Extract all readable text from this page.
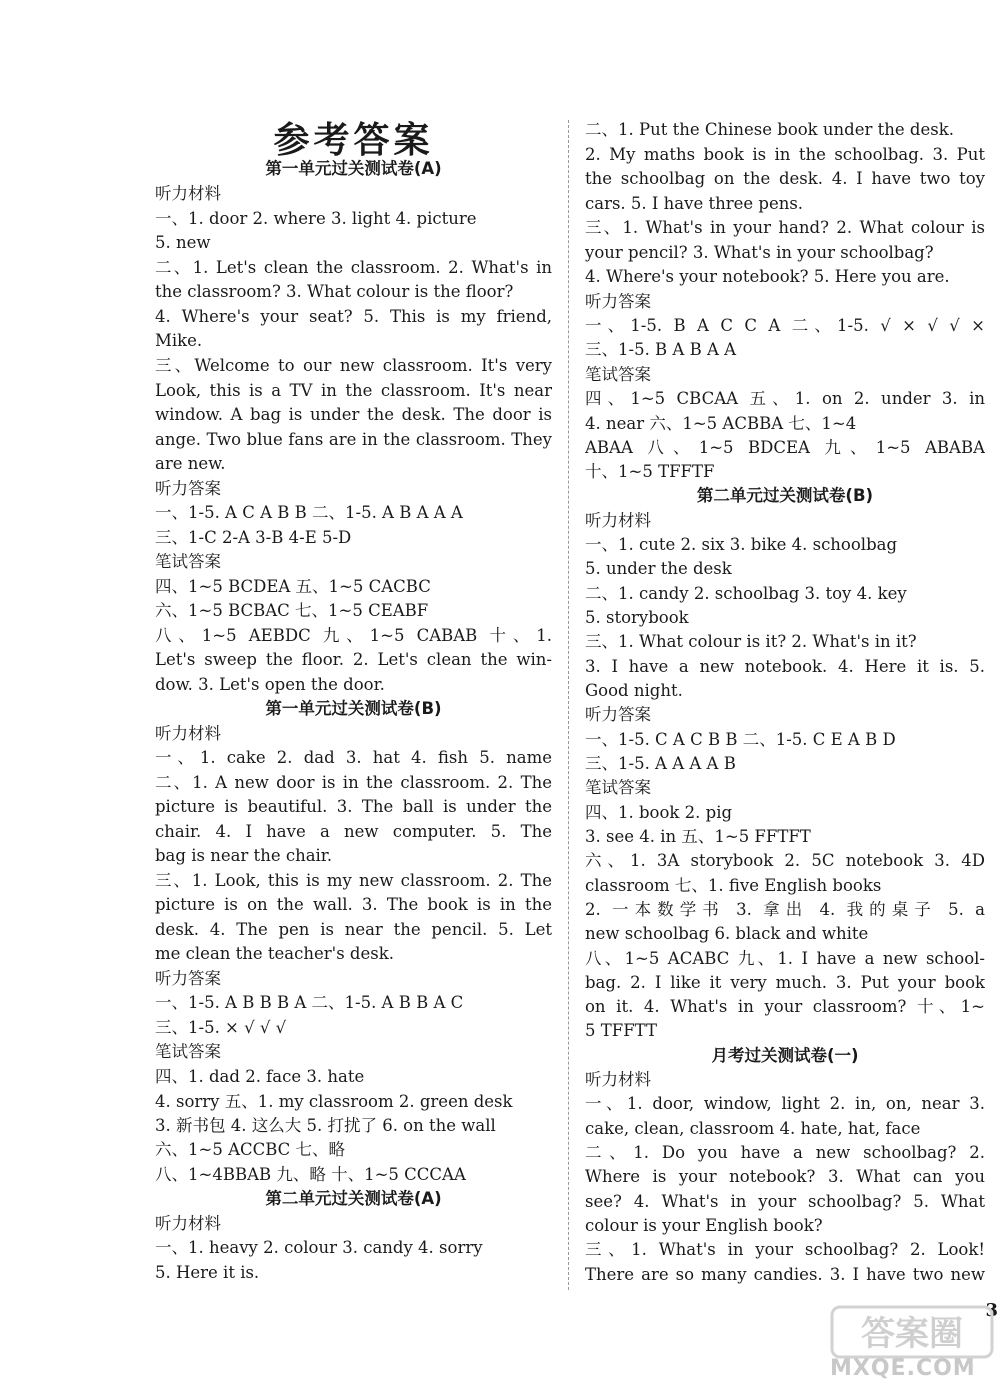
参考答案
第一单元过关测试卷(A)
听力材料
一、1. door 2. where 3. light 4. picture
5. new
二、1. Let's clean the classroom. 2. What's in
the classroom? 3. What colour is the floor?
4. Where's your seat? 5. This is my friend,
Mike.
三、Welcome to our new classroom. It's very
Look, this is a TV in the classroom. It's near
window. A bag is under the desk. The door is
ange. Two blue fans are in the classroom. They
are new.
听力答案
一、1-5. A C A B B 二、1-5. A B A A A
三、1-C 2-A 3-B 4-E 5-D
笔试答案
四、1~5 BCDEA 五、1~5 CACBC
六、1~5 BCBAC 七、1~5 CEABF
八、1~5 AEBDC 九、1~5 CABAB 十、1.
Let's sweep the floor. 2. Let's clean the win-
dow. 3. Let's open the door.
第一单元过关测试卷(B)
听力材料
一、1. cake 2. dad 3. hat 4. fish 5. name
二、1. A new door is in the classroom. 2. The
picture is beautiful. 3. The ball is under the
chair. 4. I have a new computer. 5. The
bag is near the chair.
三、1. Look, this is my new classroom. 2. The
picture is on the wall. 3. The book is in the
desk. 4. The pen is near the pencil. 5. Let
me clean the teacher's desk.
听力答案
一、1-5. A B B B A 二、1-5. A B B A C
三、1-5. × √ √ √
笔试答案
四、1. dad 2. face 3. hate
4. sorry 五、1. my classroom 2. green desk
3. 新书包 4. 这么大 5. 打扰了 6. on the wall
六、1~5 ACCBC 七、略
八、1~4BBAB 九、略 十、1~5 CCCAA
第二单元过关测试卷(A)
听力材料
一、1. heavy 2. colour 3. candy 4. sorry
5. Here it is.
二、1. Put the Chinese book under the desk.
2. My maths book is in the schoolbag. 3. Put
the schoolbag on the desk. 4. I have two toy
cars. 5. I have three pens.
三、1. What's in your hand? 2. What colour is
your pencil? 3. What's in your schoolbag?
4. Where's your notebook? 5. Here you are.
听力答案
一、1-5. B A C C A 二、1-5. √ × √ √ ×
三、1-5. B A B A A
笔试答案
四、1~5 CBCAA 五、1. on 2. under 3. in
4. near 六、1~5 ACBBA 七、1~4
ABAA 八、1~5 BDCEA 九、1~5 ABABA
十、1~5 TFFTF
第二单元过关测试卷(B)
听力材料
一、1. cute 2. six 3. bike 4. schoolbag
5. under the desk
二、1. candy 2. schoolbag 3. toy 4. key
5. storybook
三、1. What colour is it? 2. What's in it?
3. I have a new notebook. 4. Here it is. 5.
Good night.
听力答案
一、1-5. C A C B B 二、1-5. C E A B D
三、1-5. A A A A B
笔试答案
四、1. book 2. pig
3. see 4. in 五、1~5 FFTFT
六、1. 3A storybook 2. 5C notebook 3. 4D
classroom 七、1. five English books
2. 一本数学书 3. 拿出 4. 我的桌子 5. a
new schoolbag 6. black and white
八、1~5 ACABC 九、1. I have a new school-
bag. 2. I like it very much. 3. Put your book
on it. 4. What's in your classroom? 十、1~
5 TFFTT
月考过关测试卷(一)
听力材料
一、1. door, window, light 2. in, on, near 3.
cake, clean, classroom 4. hate, hat, face
二、1. Do you have a new schoolbag? 2.
Where is your notebook? 3. What can you
see? 4. What's in your schoolbag? 5. What
colour is your English book?
三、1. What's in your schoolbag? 2. Look!
There are so many candies. 3. I have two new
3
答案圈
MXQE.COM
